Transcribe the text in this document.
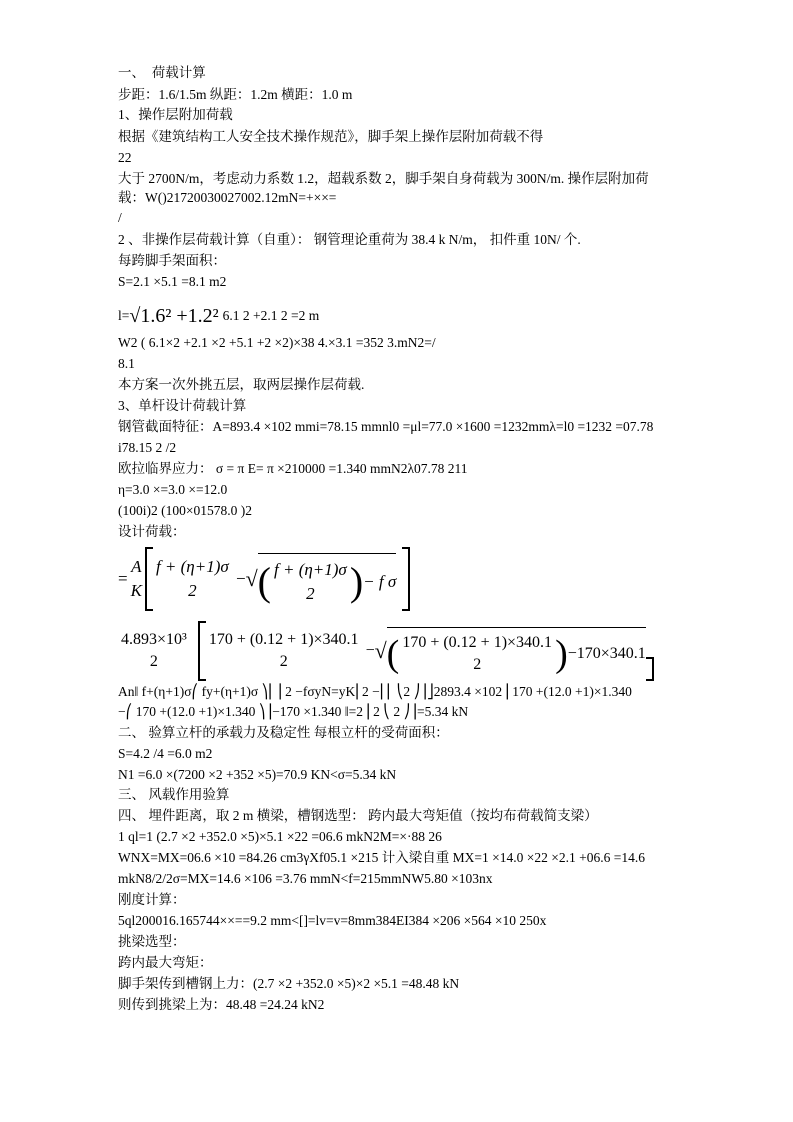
一、　荷载计算
步距：1.6/1.5m 纵距：1.2m 横距：1.0 m
1、操作层附加荷载
根据《建筑结构工人安全技术操作规范》，脚手架上操作层附加荷载不得
22
大于 2700N/m，考虑动力系数 1.2，超载系数 2，脚手架自身荷载为 300N/m. 操作层附加荷
载：W()21720030027002.12mN=+××=
/
2 、非操作层荷载计算（自重）： 钢管理论重荷为 38.4 k N/m， 扣件重 10N/ 个.
每跨脚手架面积：
S=2.1 ×5.1 =8.1 m2
l= √ 1.6² +1.2² 6.1 2 +2.1 2 =2 m
W2 ( 6.1×2 +2.1 ×2 +5.1 +2 ×2)×38 4.×3.1 =352 3.mN2=/
8.1
本方案一次外挑五层，取两层操作层荷载.
3、单杆设计荷载计算
钢管截面特征：A=893.4 ×102 mmi=78.15 mmnl0 =μl=77.0 ×1600 =1232mmλ=l0 =1232 =07.78
i78.15 2 /2
欧拉临界应力： σ = π E= π ×210000 =1.340 mmN2λ07.78 211
η=3.0 ×=3.0 ×=12.0
(100i)2 (100×01578.0 )2
设计荷载：
=
A
K
f + (η+1)σ
2
− √ ( f + (η+1)σ
2 ) − f σ
4.893×10³
2
170 + (0.12 + 1)×340.1
2
− √ ( 170 + (0.12 + 1)×340.1
2 ) −170×340.1
An‖ f+(η+1)σ⎛ fy+(η+1)σ ⎞⎢ ⎢2 −fσyN=yK⎢2 −⎢⎜ ⎝2 ⎠⎟⎦2893.4 ×102 ⎢170 +(12.0 +1)×1.340
−⎛ 170 +(12.0 +1)×1.340 ⎞⎟−170 ×1.340 ‖=2 ⎢2 ⎝ 2 ⎠⎟=5.34 kN
二、 验算立杆的承载力及稳定性 每根立杆的受荷面积：
S=4.2 /4 =6.0 m2
N1 =6.0 ×(7200 ×2 +352 ×5)=70.9 KN<σ=5.34 kN
三、 风载作用验算
四、 埋件距离，取 2 m 横梁，槽钢选型： 跨内最大弯矩值（按均布荷载简支梁）
1 ql=1 (2.7 ×2 +352.0 ×5)×5.1 ×22 =06.6 mkN2M=×·88 26
WNX=MX=06.6 ×10 =84.26 cm3γXf05.1 ×215 计入梁自重 MX=1 ×14.0 ×22 ×2.1 +06.6 =14.6
mkN8/2/2σ=MX=14.6 ×106 =3.76 mmN<f=215mmNW5.80 ×103nx
刚度计算：
5ql200016.165744××==9.2 mm<[]=lv=v=8mm384EI384 ×206 ×564 ×10 250x
挑梁选型：
跨内最大弯矩：
脚手架传到槽钢上力：(2.7 ×2 +352.0 ×5)×2 ×5.1 =48.48 kN
则传到挑梁上为：48.48 =24.24 kN2
